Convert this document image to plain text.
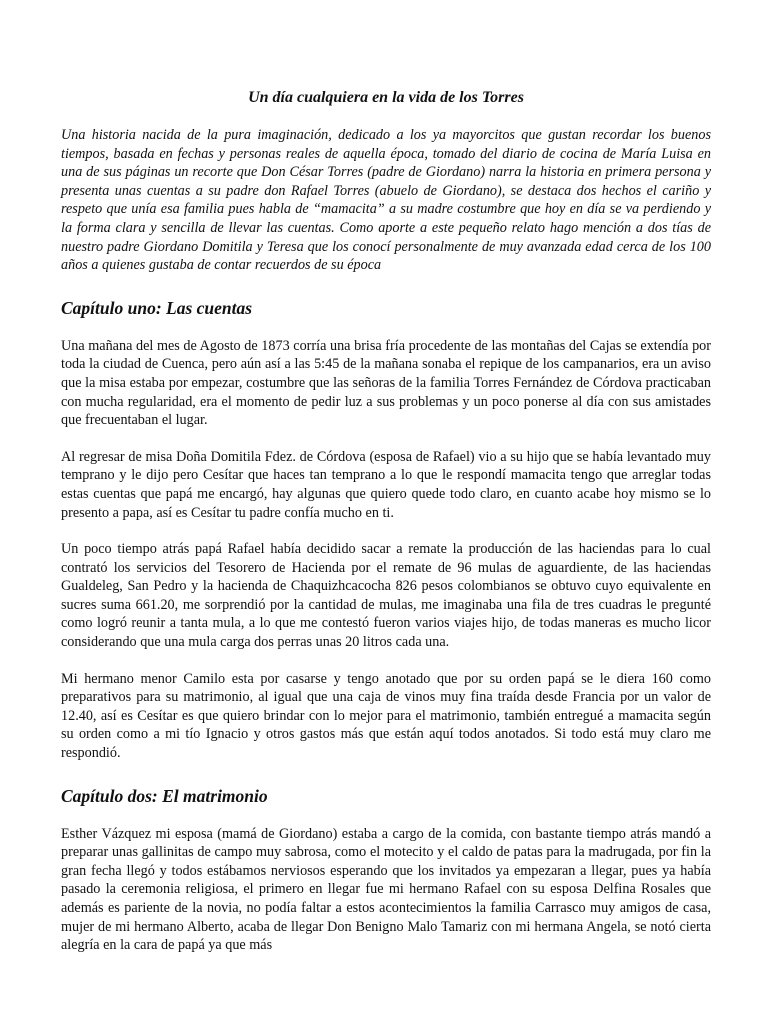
Un día cualquiera en la vida de los Torres

Una historia nacida de la pura imaginación, dedicado a los ya mayorcitos que gustan recordar los buenos tiempos, basada en fechas y personas reales de aquella época, tomado del diario de cocina de María Luisa en una de sus páginas un recorte que Don César Torres (padre de Giordano) narra la historia en primera persona y presenta unas cuentas a su padre don Rafael Torres (abuelo de Giordano), se destaca dos hechos el cariño y respeto que unía esa familia pues habla de “mamacita” a su madre costumbre que hoy en día se va perdiendo y la forma clara y sencilla de llevar las cuentas. Como aporte a este pequeño relato hago mención a dos tías de nuestro padre Giordano Domitila y Teresa que los conocí personalmente de muy avanzada edad cerca de los 100 años a quienes gustaba de contar recuerdos de su época

Capítulo uno: Las cuentas

Una mañana del mes de Agosto de 1873 corría una brisa fría procedente de las montañas del Cajas se extendía por toda la ciudad de Cuenca, pero aún así a las 5:45 de la mañana sonaba el repique de los campanarios, era un aviso que la misa estaba por empezar, costumbre que las señoras de la familia Torres Fernández de Córdova practicaban con mucha regularidad, era el momento de pedir luz a sus problemas y un poco ponerse al día con sus amistades que frecuentaban el lugar.

Al regresar de misa Doña Domitila Fdez. de Córdova (esposa de Rafael) vio a su hijo que se había levantado muy temprano y le dijo pero Cesítar que haces tan temprano a lo que le respondí mamacita tengo que arreglar todas estas cuentas que papá me encargó, hay algunas que quiero quede todo claro, en cuanto acabe hoy mismo se lo presento a papa, así es Cesítar tu padre confía mucho en ti.

Un poco tiempo atrás papá Rafael había decidido sacar a remate la producción de las haciendas para lo cual contrató los servicios del Tesorero de Hacienda por el remate de 96 mulas de aguardiente, de las haciendas Gualdeleg, San Pedro y la hacienda de Chaquizhcacocha 826 pesos colombianos se obtuvo cuyo equivalente en sucres suma 661.20, me sorprendió por la cantidad de mulas, me imaginaba una fila de tres cuadras le pregunté como logró reunir a tanta mula, a lo que me contestó fueron varios viajes hijo, de todas maneras es mucho licor considerando que una mula carga dos perras unas 20 litros cada una.

Mi hermano menor Camilo esta por casarse y tengo anotado que por su orden papá se le diera 160 como preparativos para su matrimonio, al igual que una caja de vinos muy fina traída desde Francia por un valor de 12.40, así es Cesítar es que quiero brindar con lo mejor para el matrimonio, también entregué a mamacita según su orden como a mi tío Ignacio y otros gastos más que están aquí todos anotados. Si todo está muy claro me respondió.

Capítulo dos: El matrimonio

Esther Vázquez mi esposa (mamá de Giordano) estaba a cargo de la comida, con bastante tiempo atrás mandó a preparar unas gallinitas de campo muy sabrosa, como el motecito y el caldo de patas para la madrugada, por fin la gran fecha llegó y todos estábamos nerviosos esperando que los invitados ya empezaran a llegar, pues ya había pasado la ceremonia religiosa, el primero en llegar fue mi hermano Rafael con su esposa Delfina Rosales que además es pariente de la novia, no podía faltar a estos acontecimientos la familia Carrasco muy amigos de casa, mujer de mi hermano Alberto, acaba de llegar Don Benigno Malo Tamariz con mi hermana Angela, se notó cierta alegría en la cara de papá ya que más
